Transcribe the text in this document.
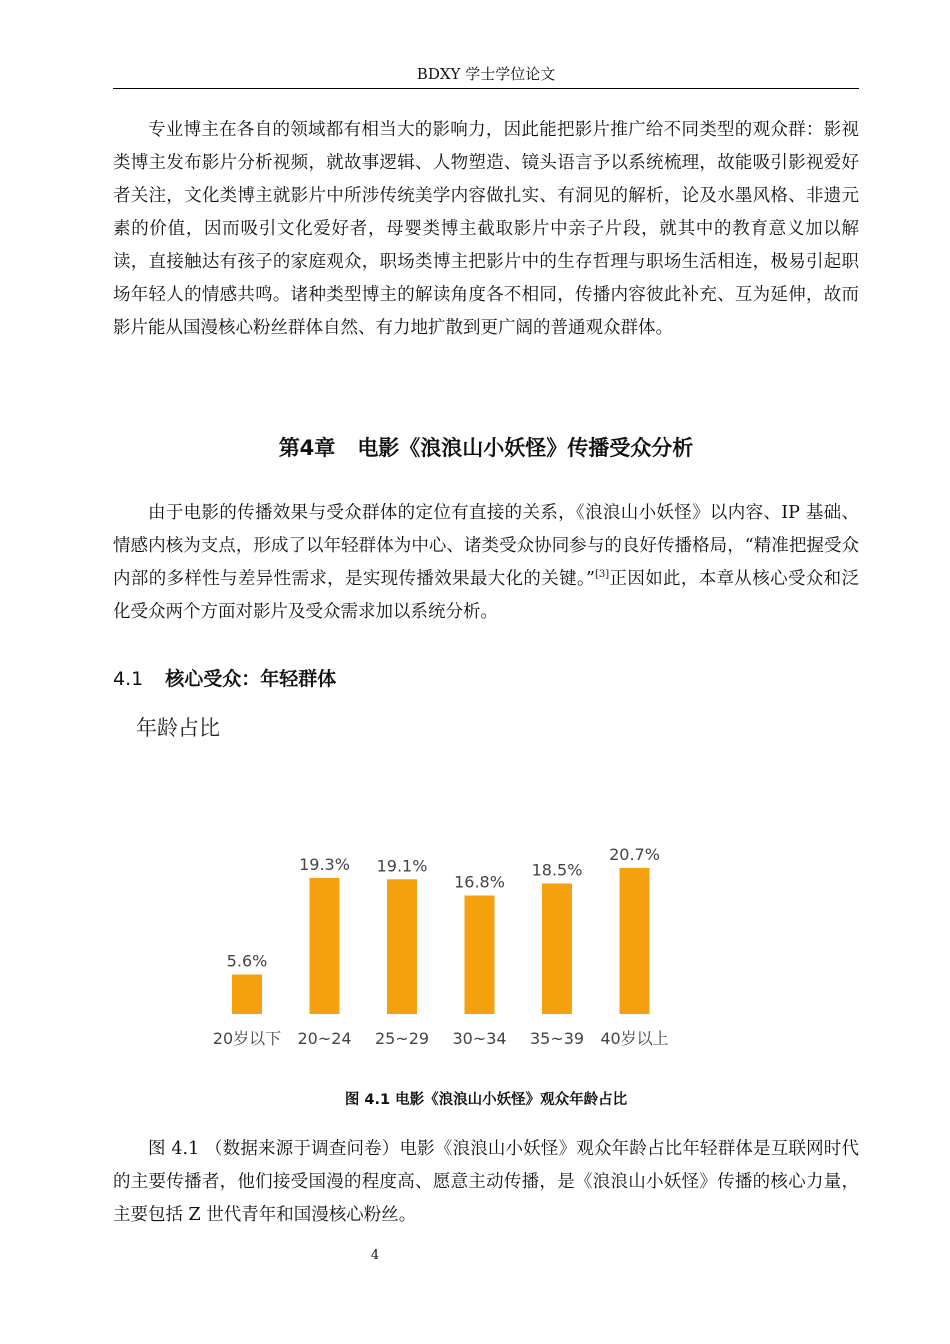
BDXY 学士学位论文

专业博主在各自的领域都有相当大的影响力，因此能把影片推广给不同类型的观众群：影视类博主发布影片分析视频，就故事逻辑、人物塑造、镜头语言予以系统梳理，故能吸引影视爱好者关注，文化类博主就影片中所涉传统美学内容做扎实、有洞见的解析，论及水墨风格、非遗元素的价值，因而吸引文化爱好者，母婴类博主截取影片中亲子片段，就其中的教育意义加以解读，直接触达有孩子的家庭观众，职场类博主把影片中的生存哲理与职场生活相连，极易引起职场年轻人的情感共鸣。诸种类型博主的解读角度各不相同，传播内容彼此补充、互为延伸，故而影片能从国漫核心粉丝群体自然、有力地扩散到更广阔的普通观众群体。

第4章 电影《浪浪山小妖怪》传播受众分析

由于电影的传播效果与受众群体的定位有直接的关系，《浪浪山小妖怪》以内容、IP 基础、情感内核为支点，形成了以年轻群体为中心、诸类受众协同参与的良好传播格局，“精准把握受众内部的多样性与差异性需求，是实现传播效果最大化的关键。”[3]正因如此，本章从核心受众和泛化受众两个方面对影片及受众需求加以系统分析。

4.1 核心受众：年轻群体
年龄占比
5.6%
20岁以下
19.3%
20~24
19.1%
25~29
16.8%
30~34
18.5%
35~39
20.7%
40岁以上
图 4.1 电影《浪浪山小妖怪》观众年龄占比

图 4.1 （数据来源于调查问卷）电影《浪浪山小妖怪》观众年龄占比年轻群体是互联网时代的主要传播者，他们接受国漫的程度高、愿意主动传播，是《浪浪山小妖怪》传播的核心力量，主要包括 Z 世代青年和国漫核心粉丝。

4
